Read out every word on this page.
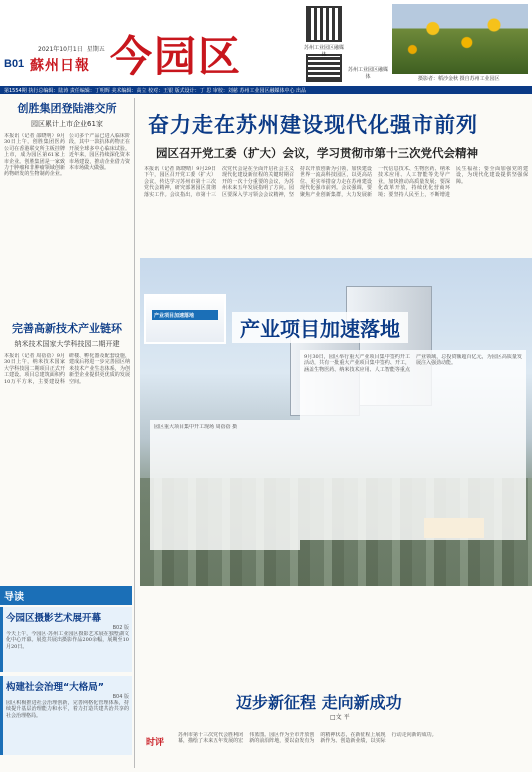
B01 蘇州日報
2021年10月1日 星期五 今园区	苏州工业园区融媒
苏州工业园区融媒体	摄影者：稻沙金秋 摄自苏州工业园区
第1554期 执行总编辑：陆涛 责任编辑：丁明辉 美术编辑：高立 校对：王银 版式设计：丁 思 审校：刘慈 苏州工业园区融媒体中心 出品
创胜集团登陆港交所
园区累计上市企业61家
本报讯（记者 邵晓明）9月30日上午，创胜集团医药公司在香港联交所主板挂牌上市，成为园区第61家上市企业。创胜集团是一家致力于肿瘤和非肿瘤领域创新药物研发的生物制药企业。公司多个产品已进入临床阶段，其中一款抗体药物正在开展全球多中心临床试验。近年来，园区持续深化资本市场建设，推动企业借力资本市场做大做强。
完善高新技术产业链环
纳米技术国家大学科技园二期开建
本报讯（记者 周蓓蓓）9月30日上午，纳米技术国家大学科技园二期项目正式开工建设。项目总建筑面积约10万平方米，主要建设科研楼、孵化器及配套设施，建成后将进一步完善园区纳米技术产业生态体系，为创新型企业提供更优质的发展空间。
导读
今园区摄影艺术展开幕
B02 版
今天上午，今园区·苏州工业园区摄影艺术展在独墅湖文化中心开幕。展览共展出摄影作品200余幅，展期至10月20日。
构建社会治理“大格局”
B04 版
园区积极推进社会治理创新，完善网格化管理体系，持续提升基层治理能力和水平，着力打造共建共治共享的社会治理格局。
奋力走在苏州建设现代化强市前列
园区召开党工委（扩大）会议，学习贯彻市第十三次党代会精神
本报讯（记者 陈晓晴）9月29日下午，园区召开党工委（扩大）会议，传达学习苏州市第十三次党代会精神，研究部署园区贯彻落实工作。会议指出，市第十三次党代会是在全面开启社会主义现代化建设新征程的关键时期召开的一次十分重要的会议，为苏州未来五年发展指明了方向。园区要深入学习领会会议精神，坚持以开放创新为引领，加快建设世界一流高科技园区，以更高站位、更实举措奋力走在苏州建设现代化强市前列。会议强调，要聚焦产业创新集群，大力发展新一代信息技术、生物医药、纳米技术应用、人工智能等先导产业，加快推动高质量发展；要深化改革开放，持续优化营商环境；要坚持人民至上，不断增进民生福祉；要全面加强党的建设，为现代化建设提供坚强保障。
产业项目加速落地
产业项目加速落地
园区重大项目集中开工现场 周蓓蓓 摄
9月30日，园区举行重大产业项目集中签约开工活动，共有一批重大产业项目集中签约、开工，涵盖生物医药、纳米技术应用、人工智能等重点产业领域，总投资额超百亿元，为园区高质量发展注入强劲动能。
迈步新征程 走向新成功
□文 平
时评
苏州市第十三次党代会胜利闭幕，描绘了未来五年发展的宏伟蓝图。园区作为全市开放创新的前沿阵地，要以奋发有为的精神状态，在新征程上展现新作为、创造新业绩，以实际行动走向新的成功。
